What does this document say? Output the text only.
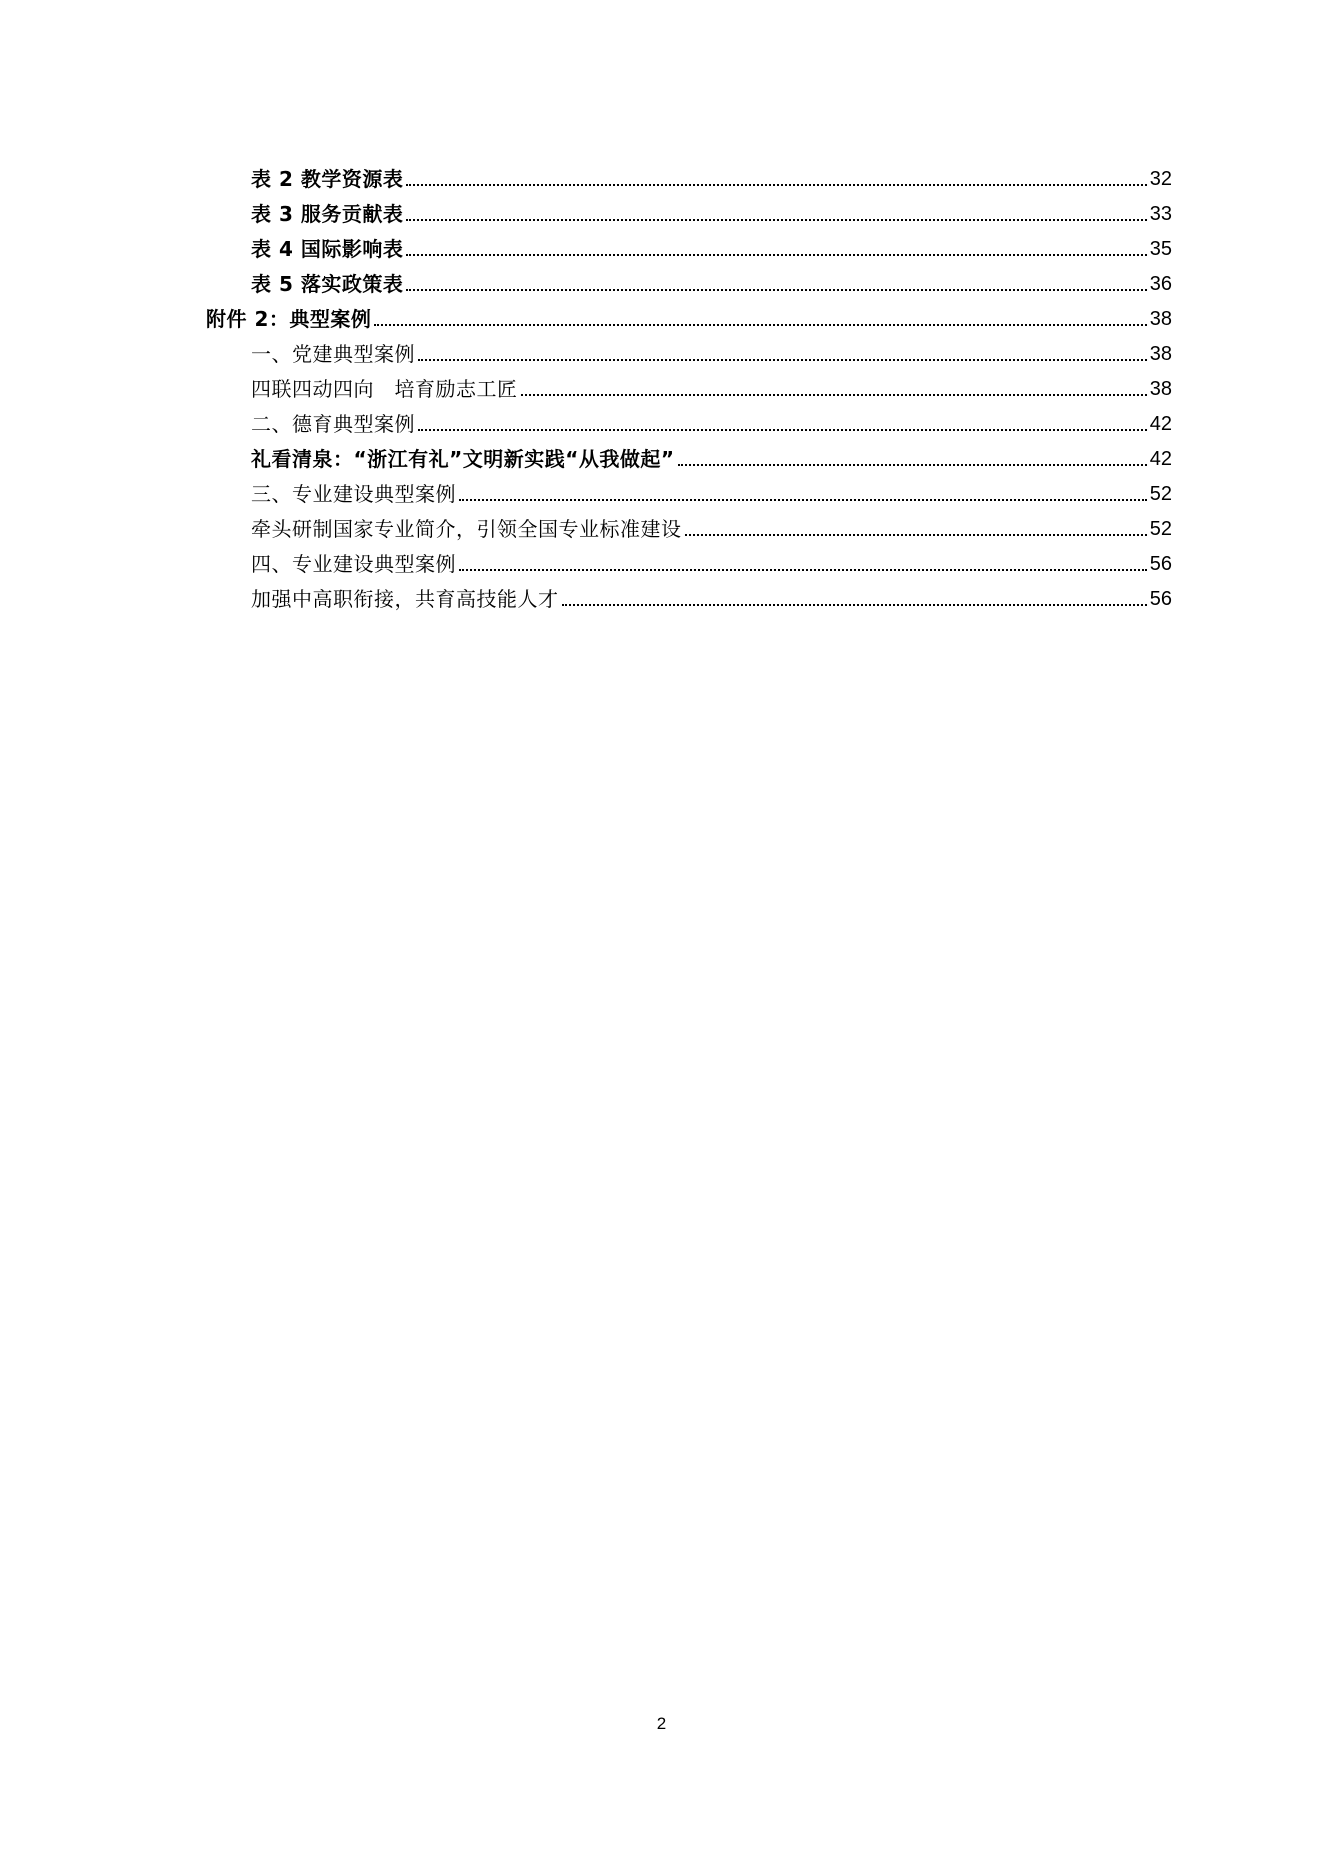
表 2 教学资源表	32
表 3 服务贡献表	33
表 4 国际影响表	35
表 5 落实政策表	36
附件 2：典型案例	38
一、党建典型案例	38
四联四动四向　培育励志工匠	38
二、德育典型案例	42
礼看清泉：“浙江有礼”文明新实践“从我做起”	42
三、专业建设典型案例	52
牵头研制国家专业简介，引领全国专业标准建设	52
四、专业建设典型案例	56
加强中高职衔接，共育高技能人才	56
2
